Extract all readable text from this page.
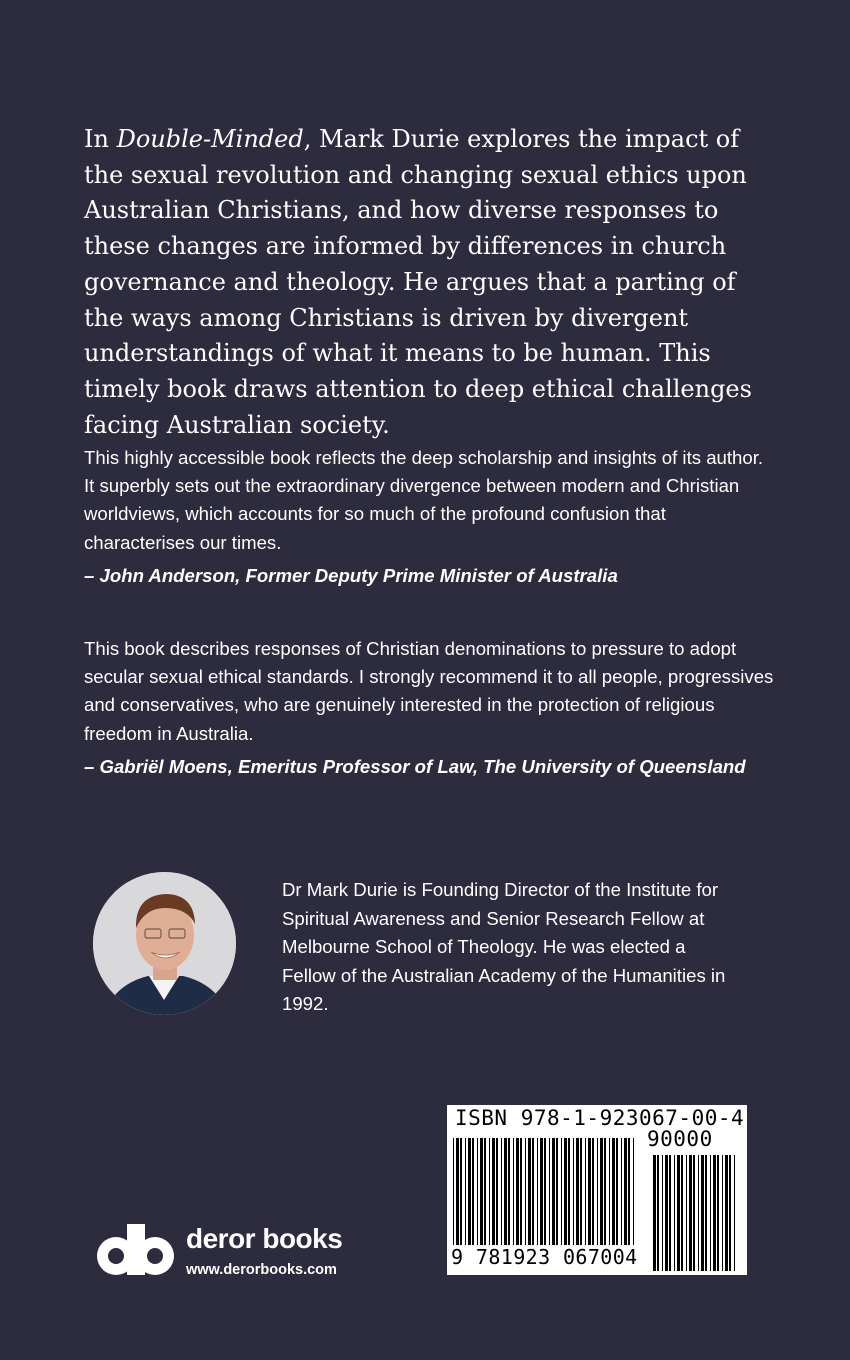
In Double-Minded, Mark Durie explores the impact of the sexual revolution and changing sexual ethics upon Australian Christians, and how diverse responses to these changes are informed by differences in church governance and theology. He argues that a parting of the ways among Christians is driven by divergent understandings of what it means to be human. This timely book draws attention to deep ethical challenges facing Australian society.

This highly accessible book reflects the deep scholarship and insights of its author. It superbly sets out the extraordinary divergence between modern and Christian worldviews, which accounts for so much of the profound confusion that characterises our times.

– John Anderson, Former Deputy Prime Minister of Australia

This book describes responses of Christian denominations to pressure to adopt secular sexual ethical standards. I strongly recommend it to all people, progressives and conservatives, who are genuinely interested in the protection of religious freedom in Australia.

– Gabriël Moens, Emeritus Professor of Law, The University of Queensland

Dr Mark Durie is Founding Director of the Institute for Spiritual Awareness and Senior Research Fellow at Melbourne School of Theology. He was elected a Fellow of the Australian Academy of the Humanities in 1992.
deror books
www.derorbooks.com
ISBN 978-1-923067-00-4
90000
9 781923 067004
